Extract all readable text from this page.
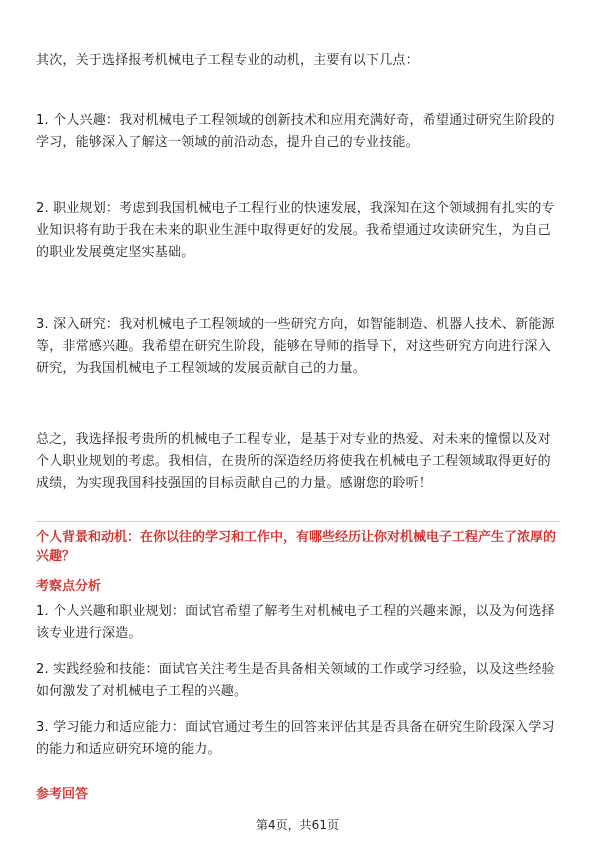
其次，关于选择报考机械电子工程专业的动机，主要有以下几点：

1. 个人兴趣：我对机械电子工程领域的创新技术和应用充满好奇，希望通过研究生阶段的学习，能够深入了解这一领域的前沿动态，提升自己的专业技能。

2. 职业规划：考虑到我国机械电子工程行业的快速发展，我深知在这个领域拥有扎实的专业知识将有助于我在未来的职业生涯中取得更好的发展。我希望通过攻读研究生，为自己的职业发展奠定坚实基础。

3. 深入研究：我对机械电子工程领域的一些研究方向，如智能制造、机器人技术、新能源等，非常感兴趣。我希望在研究生阶段，能够在导师的指导下，对这些研究方向进行深入研究，为我国机械电子工程领域的发展贡献自己的力量。

总之，我选择报考贵所的机械电子工程专业，是基于对专业的热爱、对未来的憧憬以及对个人职业规划的考虑。我相信，在贵所的深造经历将使我在机械电子工程领域取得更好的成绩，为实现我国科技强国的目标贡献自己的力量。感谢您的聆听！

个人背景和动机：在你以往的学习和工作中，有哪些经历让你对机械电子工程产生了浓厚的兴趣？

考察点分析

1. 个人兴趣和职业规划：面试官希望了解考生对机械电子工程的兴趣来源，以及为何选择该专业进行深造。

2. 实践经验和技能：面试官关注考生是否具备相关领域的工作或学习经验，以及这些经验如何激发了对机械电子工程的兴趣。

3. 学习能力和适应能力：面试官通过考生的回答来评估其是否具备在研究生阶段深入学习的能力和适应研究环境的能力。

参考回答

第4页，共61页
